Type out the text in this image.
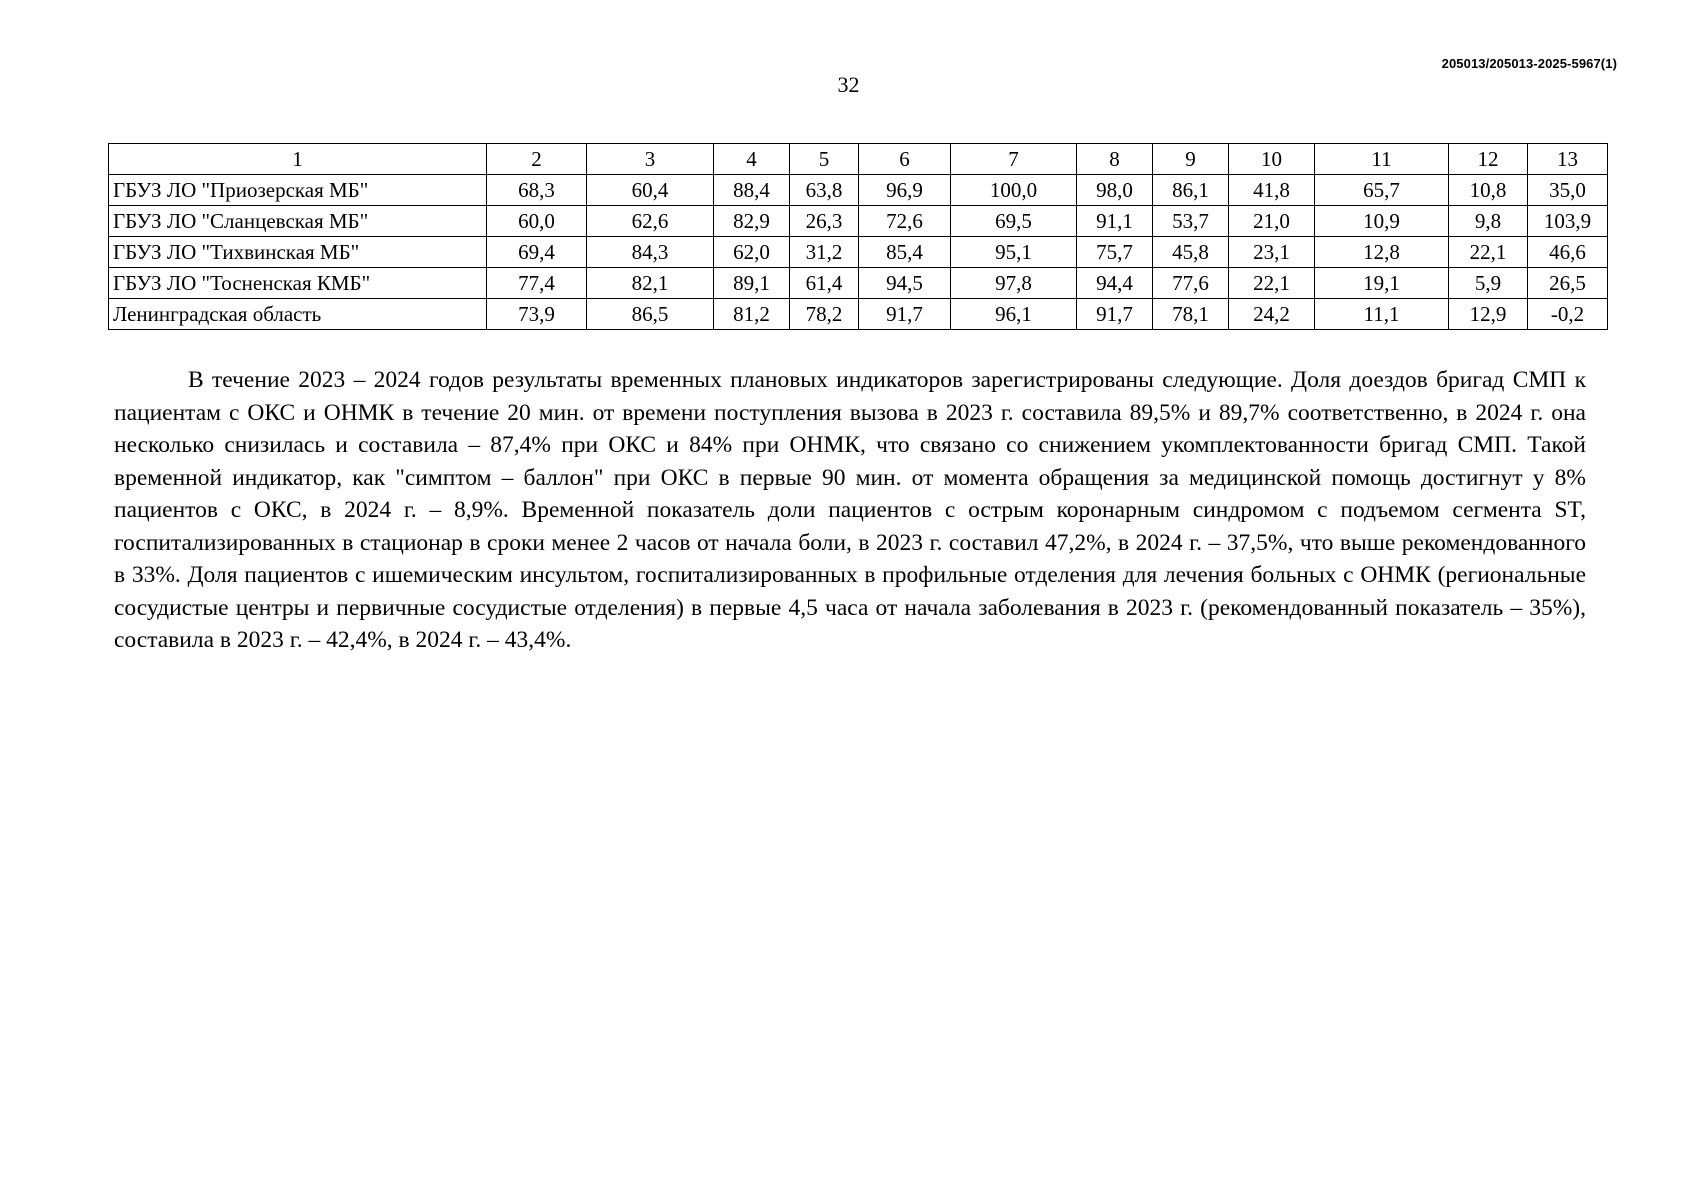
205013/205013-2025-5967(1)
32
1	2	3	4	5	6	7	8	9	10	11	12	13
ГБУЗ ЛО "Приозерская МБ"	68,3	60,4	88,4	63,8	96,9	100,0	98,0	86,1	41,8	65,7	10,8	35,0
ГБУЗ ЛО "Сланцевская МБ"	60,0	62,6	82,9	26,3	72,6	69,5	91,1	53,7	21,0	10,9	9,8	103,9
ГБУЗ ЛО "Тихвинская МБ"	69,4	84,3	62,0	31,2	85,4	95,1	75,7	45,8	23,1	12,8	22,1	46,6
ГБУЗ ЛО "Тосненская КМБ"	77,4	82,1	89,1	61,4	94,5	97,8	94,4	77,6	22,1	19,1	5,9	26,5
Ленинградская область	73,9	86,5	81,2	78,2	91,7	96,1	91,7	78,1	24,2	11,1	12,9	-0,2

В течение 2023 – 2024 годов результаты временных плановых индикаторов зарегистрированы следующие. Доля доездов бригад СМП к пациентам с ОКС и ОНМК в течение 20 мин. от времени поступления вызова в 2023 г. составила 89,5% и 89,7% соответственно, в 2024 г. она несколько снизилась и составила – 87,4% при ОКС и 84% при ОНМК, что связано со снижением укомплектованности бригад СМП. Такой временной индикатор, как "симптом – баллон" при ОКС в первые 90 мин. от момента обращения за медицинской помощь достигнут у 8% пациентов с ОКС, в 2024 г. – 8,9%. Временной показатель доли пациентов с острым коронарным синдромом с подъемом сегмента ST, госпитализированных в стационар в сроки менее 2 часов от начала боли, в 2023 г. составил 47,2%, в 2024 г. – 37,5%, что выше рекомендованного в 33%. Доля пациентов с ишемическим инсультом, госпитализированных в профильные отделения для лечения больных с ОНМК (региональные сосудистые центры и первичные сосудистые отделения) в первые 4,5 часа от начала заболевания в 2023 г. (рекомендованный показатель – 35%), составила в 2023 г. – 42,4%, в 2024 г. – 43,4%.
